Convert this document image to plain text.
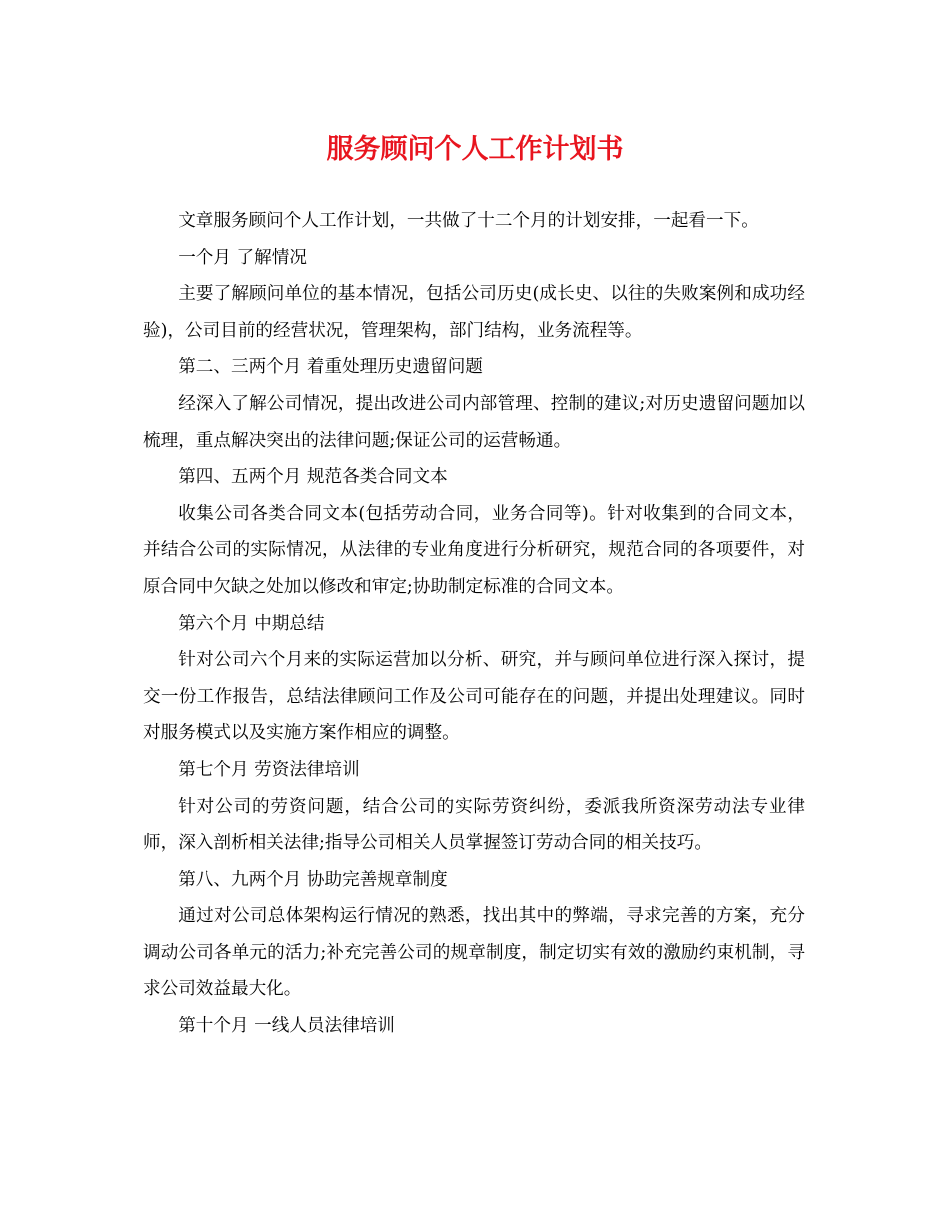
服务顾问个人工作计划书

文章服务顾问个人工作计划，一共做了十二个月的计划安排，一起看一下。

一个月 了解情况

主要了解顾问单位的基本情况，包括公司历史(成长史、以往的失败案例和成功经验)，公司目前的经营状况，管理架构，部门结构，业务流程等。

第二、三两个月 着重处理历史遗留问题

经深入了解公司情况，提出改进公司内部管理、控制的建议;对历史遗留问题加以梳理，重点解决突出的法律问题;保证公司的运营畅通。

第四、五两个月 规范各类合同文本

收集公司各类合同文本(包括劳动合同，业务合同等)。针对收集到的合同文本，并结合公司的实际情况，从法律的专业角度进行分析研究，规范合同的各项要件，对原合同中欠缺之处加以修改和审定;协助制定标准的合同文本。

第六个月 中期总结

针对公司六个月来的实际运营加以分析、研究，并与顾问单位进行深入探讨，提交一份工作报告，总结法律顾问工作及公司可能存在的问题，并提出处理建议。同时对服务模式以及实施方案作相应的调整。

第七个月 劳资法律培训

针对公司的劳资问题，结合公司的实际劳资纠纷，委派我所资深劳动法专业律师，深入剖析相关法律;指导公司相关人员掌握签订劳动合同的相关技巧。

第八、九两个月 协助完善规章制度

通过对公司总体架构运行情况的熟悉，找出其中的弊端，寻求完善的方案，充分调动公司各单元的活力;补充完善公司的规章制度，制定切实有效的激励约束机制，寻求公司效益最大化。

第十个月 一线人员法律培训
